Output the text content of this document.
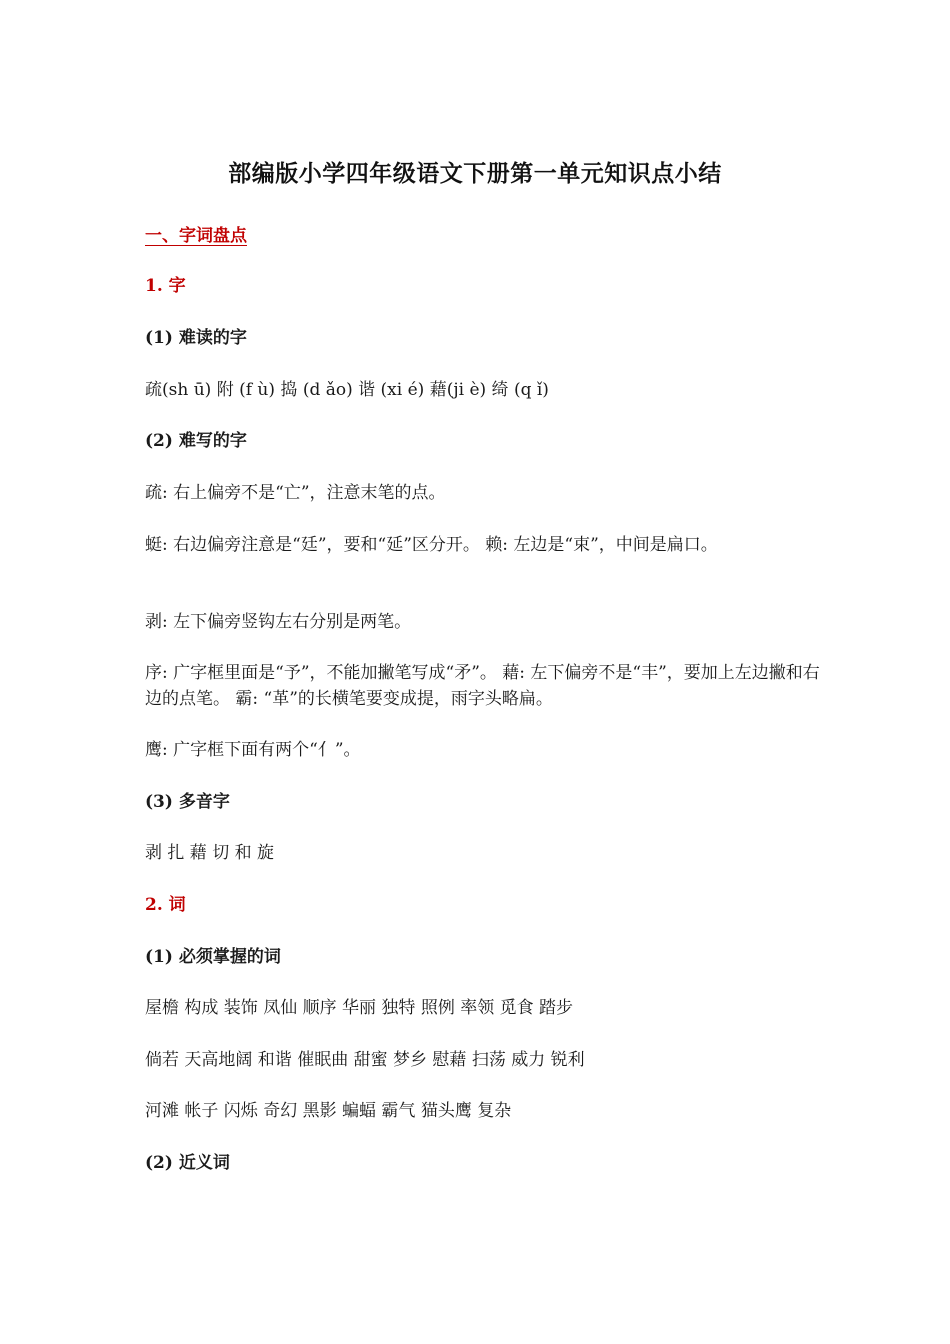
部编版小学四年级语文下册第一单元知识点小结
一、字词盘点
1. 字
(1) 难读的字
疏(sh ū) 附 (f ù) 捣 (d ǎo) 谐 (xi é) 藉(ji è) 绮 (q ǐ)
(2) 难写的字
疏: 右上偏旁不是“亡”，注意末笔的点。
蜓: 右边偏旁注意是“廷”，要和“延”区分开。 赖: 左边是“束”，中间是扁口。
剥: 左下偏旁竖钩左右分别是两笔。
序: 广字框里面是“予”，不能加撇笔写成“矛”。 藉: 左下偏旁不是“丰”，要加上左边撇和右边的点笔。 霸: “革”的长横笔要变成提，雨字头略扁。
鹰: 广字框下面有两个“亻”。
(3) 多音字
剥 扎 藉 切 和 旋
2. 词
(1) 必须掌握的词
屋檐 构成 装饰 凤仙 顺序 华丽 独特 照例 率领 觅食 踏步
倘若 天高地阔 和谐 催眠曲 甜蜜 梦乡 慰藉 扫荡 威力 锐利
河滩 帐子 闪烁 奇幻 黑影 蝙蝠 霸气 猫头鹰 复杂
(2) 近义词
